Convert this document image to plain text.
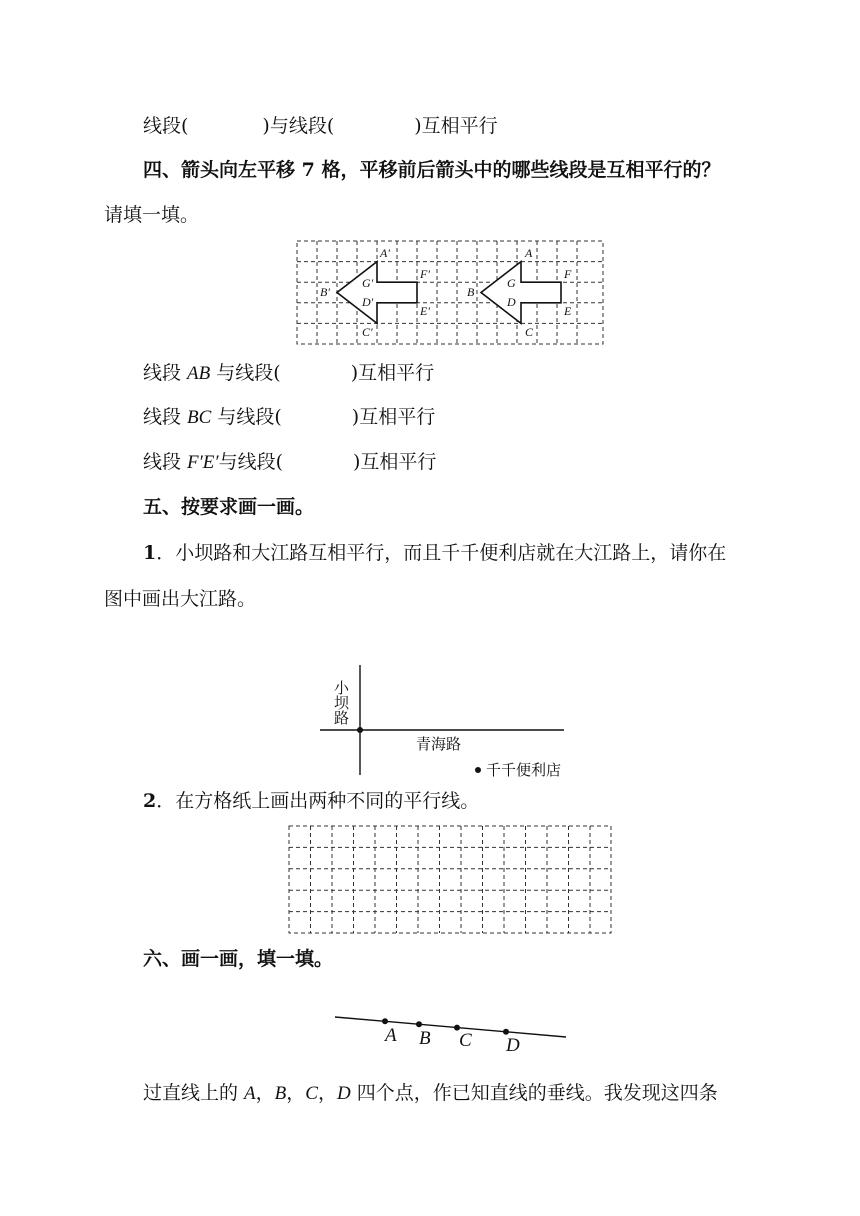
线段(	)与线段(	)互相平行
四、箭头向左平移 7 格，平移前后箭头中的哪些线段是互相平行的？
请填一填。
A′
F′
G′
B′
D′
E′
C′
A
F
G
B
D
E
C
线段 AB 与线段(	)互相平行
线段 BC 与线段(	)互相平行
线段 F′E′与线段(	)互相平行
五、按要求画一画。
1．小坝路和大江路互相平行，而且千千便利店就在大江路上，请你在
图中画出大江路。
小坝路
青海路
千千便利店
2．在方格纸上画出两种不同的平行线。
六、画一画，填一填。
A B C D
过直线上的 A，B，C，D 四个点，作已知直线的垂线。我发现这四条
